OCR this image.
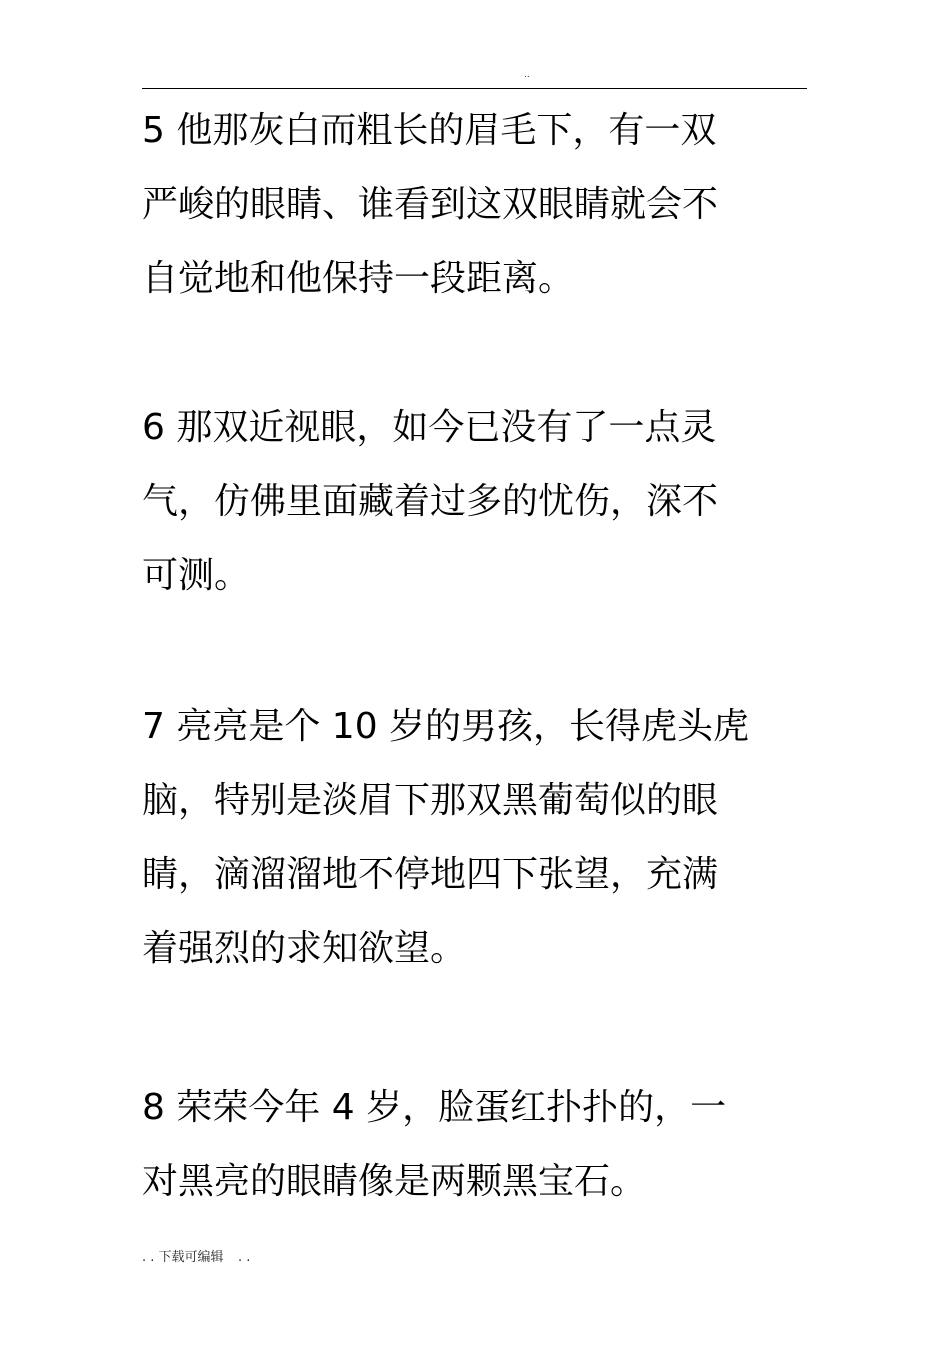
..
5 他那灰白而粗长的眉毛下，有一双
严峻的眼睛、谁看到这双眼睛就会不
自觉地和他保持一段距离。
6 那双近视眼，如今已没有了一点灵
气，仿佛里面藏着过多的忧伤，深不
可测。
7 亮亮是个 10 岁的男孩，长得虎头虎
脑，特别是淡眉下那双黑葡萄似的眼
睛，滴溜溜地不停地四下张望，充满
着强烈的求知欲望。
8 荣荣今年 4 岁，脸蛋红扑扑的，一
对黑亮的眼睛像是两颗黑宝石。
. . 下载可编辑 . .
